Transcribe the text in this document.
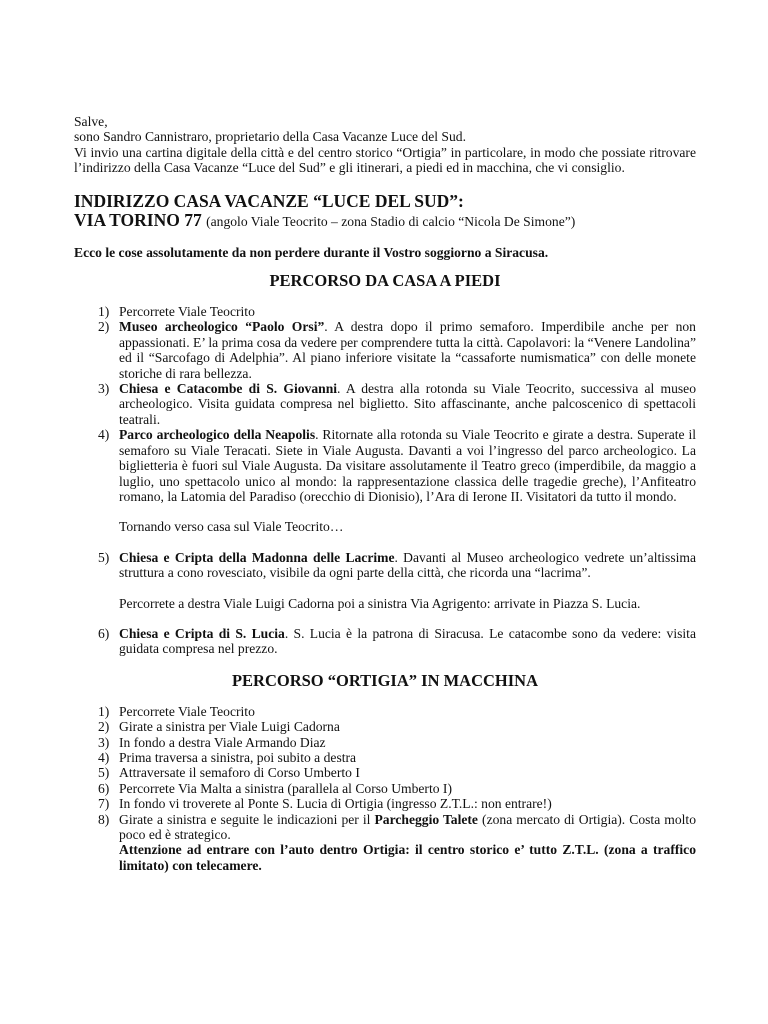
Salve,

sono Sandro Cannistraro, proprietario della Casa Vacanze Luce del Sud.

Vi invio una cartina digitale della città e del centro storico “Ortigia” in particolare, in modo che possiate ritrovare l’indirizzo della Casa Vacanze “Luce del Sud” e gli itinerari, a piedi ed in macchina, che vi consiglio.

INDIRIZZO CASA VACANZE “LUCE DEL SUD”:

VIA TORINO 77 (angolo Viale Teocrito – zona Stadio di calcio “Nicola De Simone”)

Ecco le cose assolutamente da non perdere durante il Vostro soggiorno a Siracusa.

PERCORSO DA CASA A PIEDI

1) Percorrete Viale Teocrito
2) Museo archeologico “Paolo Orsi”. A destra dopo il primo semaforo. Imperdibile anche per non appassionati. E’ la prima cosa da vedere per comprendere tutta la città. Capolavori: la “Venere Landolina” ed il “Sarcofago di Adelphia”. Al piano inferiore visitate la “cassaforte numismatica” con delle monete storiche di rara bellezza.
3) Chiesa e Catacombe di S. Giovanni. A destra alla rotonda su Viale Teocrito, successiva al museo archeologico. Visita guidata compresa nel biglietto. Sito affascinante, anche palcoscenico di spettacoli teatrali.
4) Parco archeologico della Neapolis. Ritornate alla rotonda su Viale Teocrito e girate a destra. Superate il semaforo su Viale Teracati. Siete in Viale Augusta. Davanti a voi l’ingresso del parco archeologico. La biglietteria è fuori sul Viale Augusta. Da visitare assolutamente il Teatro greco (imperdibile, da maggio a luglio, uno spettacolo unico al mondo: la rappresentazione classica delle tragedie greche), l’Anfiteatro romano, la Latomia del Paradiso (orecchio di Dionisio), l’Ara di Ierone II. Visitatori da tutto il mondo.

Tornando verso casa sul Viale Teocrito…

5) Chiesa e Cripta della Madonna delle Lacrime. Davanti al Museo archeologico vedrete un’altissima struttura a cono rovesciato, visibile da ogni parte della città, che ricorda una “lacrima”.

Percorrete a destra Viale Luigi Cadorna poi a sinistra Via Agrigento: arrivate in Piazza S. Lucia.

6) Chiesa e Cripta di S. Lucia. S. Lucia è la patrona di Siracusa. Le catacombe sono da vedere: visita guidata compresa nel prezzo.

PERCORSO “ORTIGIA” IN MACCHINA

1) Percorrete Viale Teocrito
2) Girate a sinistra per Viale Luigi Cadorna
3) In fondo a destra Viale Armando Diaz
4) Prima traversa a sinistra, poi subito a destra
5) Attraversate il semaforo di Corso Umberto I
6) Percorrete Via Malta a sinistra (parallela al Corso Umberto I)
7) In fondo vi troverete al Ponte S. Lucia di Ortigia (ingresso Z.T.L.: non entrare!)
8) Girate a sinistra e seguite le indicazioni per il Parcheggio Talete (zona mercato di Ortigia). Costa molto poco ed è strategico.
Attenzione ad entrare con l’auto dentro Ortigia: il centro storico e’ tutto Z.T.L. (zona a traffico limitato) con telecamere.
